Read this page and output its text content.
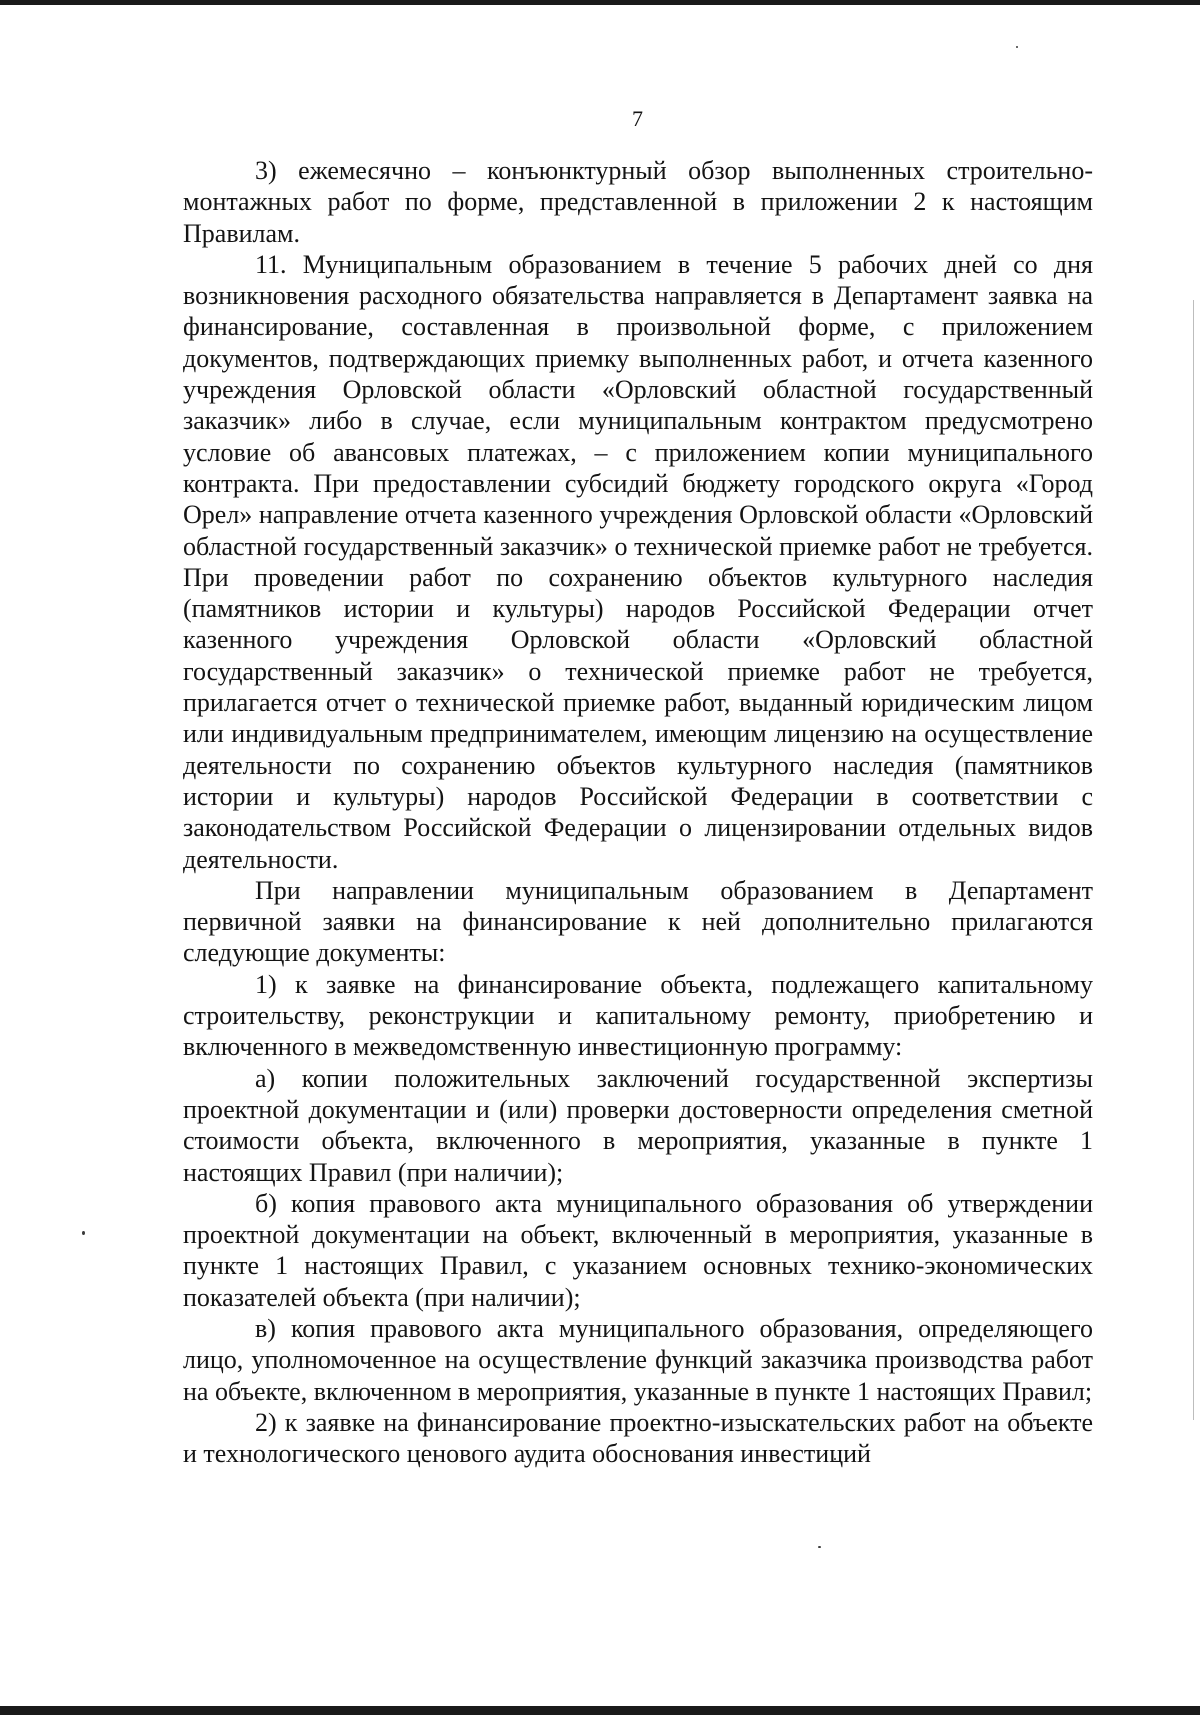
7

3) ежемесячно – конъюнктурный обзор выполненных строительно-монтажных работ по форме, представленной в приложении 2 к настоящим Правилам.

11. Муниципальным образованием в течение 5 рабочих дней со дня возникновения расходного обязательства направляется в Департамент заявка на финансирование, составленная в произвольной форме, с приложением документов, подтверждающих приемку выполненных работ, и отчета казенного учреждения Орловской области «Орловский областной государственный заказчик» либо в случае, если муниципальным контрактом предусмотрено условие об авансовых платежах, – с приложением копии муниципального контракта. При предоставлении субсидий бюджету городского округа «Город Орел» направление отчета казенного учреждения Орловской области «Орловский областной государственный заказчик» о технической приемке работ не требуется. При проведении работ по сохранению объектов культурного наследия (памятников истории и культуры) народов Российской Федерации отчет казенного учреждения Орловской области «Орловский областной государственный заказчик» о технической приемке работ не требуется, прилагается отчет о технической приемке работ, выданный юридическим лицом или индивидуальным предпринимателем, имеющим лицензию на осуществление деятельности по сохранению объектов культурного наследия (памятников истории и культуры) народов Российской Федерации в соответствии с законодательством Российской Федерации о лицензировании отдельных видов деятельности.

При направлении муниципальным образованием в Департамент первичной заявки на финансирование к ней дополнительно прилагаются следующие документы:

1) к заявке на финансирование объекта, подлежащего капитальному строительству, реконструкции и капитальному ремонту, приобретению и включенного в межведомственную инвестиционную программу:

а) копии положительных заключений государственной экспертизы проектной документации и (или) проверки достоверности определения сметной стоимости объекта, включенного в мероприятия, указанные в пункте 1 настоящих Правил (при наличии);

б) копия правового акта муниципального образования об утверждении проектной документации на объект, включенный в мероприятия, указанные в пункте 1 настоящих Правил, с указанием основных технико-экономических показателей объекта (при наличии);

в) копия правового акта муниципального образования, определяющего лицо, уполномоченное на осуществление функций заказчика производства работ на объекте, включенном в мероприятия, указанные в пункте 1 настоящих Правил;

2) к заявке на финансирование проектно-изыскательских работ на объекте и технологического ценового аудита обоснования инвестиций
